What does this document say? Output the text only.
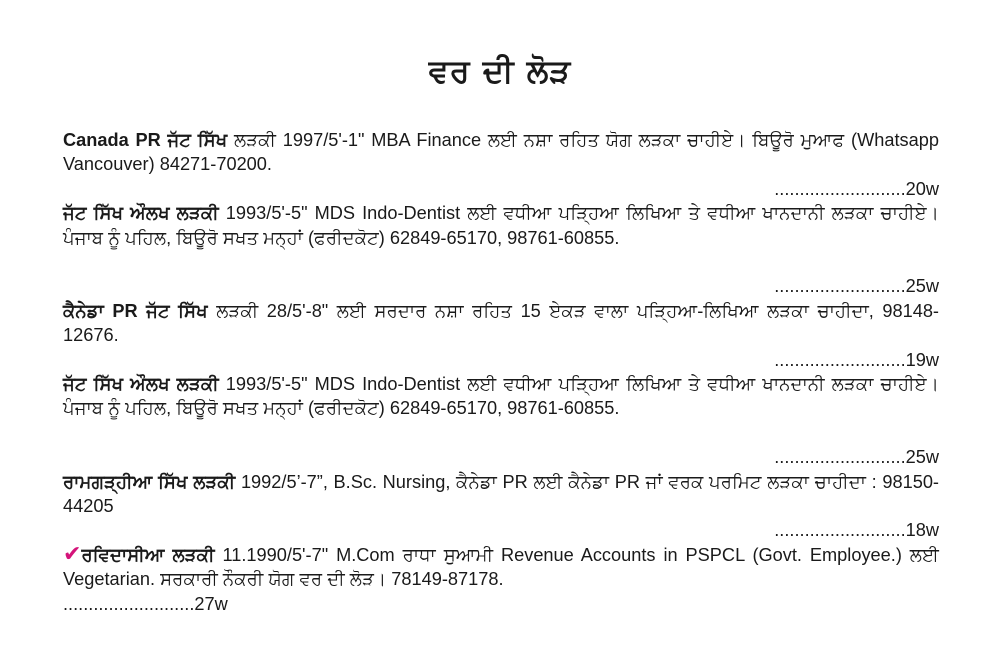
ਵਰ ਦੀ ਲੋੜ
Canada PR ਜੱਟ ਸਿੱਖ ਲੜਕੀ 1997/5'-1" MBA Finance ਲਈ ਨਸ਼ਾ ਰਹਿਤ ਯੋਗ ਲੜਕਾ ਚਾਹੀਏ। ਬਿਊਰੋ ਮੁਆਫ (Whatsapp Vancouver) 84271-70200.
..........................20w
ਜੱਟ ਸਿੱਖ ਔਲਖ ਲੜਕੀ 1993/5'-5" MDS Indo-Dentist ਲਈ ਵਧੀਆ ਪੜ੍ਹਿਆ ਲਿਖਿਆ ਤੇ ਵਧੀਆ ਖਾਨਦਾਨੀ ਲੜਕਾ ਚਾਹੀਏ। ਪੰਜਾਬ ਨੂੰ ਪਹਿਲ, ਬਿਊਰੋ ਸਖਤ ਮਨ੍ਹਾਂ (ਫਰੀਦਕੋਟ) 62849-65170, 98761-60855.
..........................25w
ਕੈਨੇਡਾ PR ਜੱਟ ਸਿੱਖ ਲੜਕੀ 28/5'-8" ਲਈ ਸਰਦਾਰ ਨਸ਼ਾ ਰਹਿਤ 15 ਏਕੜ ਵਾਲਾ ਪੜ੍ਹਿਆ-ਲਿਖਿਆ ਲੜਕਾ ਚਾਹੀਦਾ, 98148-12676.
..........................19w
ਜੱਟ ਸਿੱਖ ਔਲਖ ਲੜਕੀ 1993/5'-5" MDS Indo-Dentist ਲਈ ਵਧੀਆ ਪੜ੍ਹਿਆ ਲਿਖਿਆ ਤੇ ਵਧੀਆ ਖਾਨਦਾਨੀ ਲੜਕਾ ਚਾਹੀਏ। ਪੰਜਾਬ ਨੂੰ ਪਹਿਲ, ਬਿਊਰੋ ਸਖਤ ਮਨ੍ਹਾਂ (ਫਰੀਦਕੋਟ) 62849-65170, 98761-60855.
..........................25w
ਰਾਮਗੜ੍ਹੀਆ ਸਿੱਖ ਲੜਕੀ 1992/5’-7”, B.Sc. Nursing, ਕੈਨੇਡਾ PR ਲਈ ਕੈਨੇਡਾ PR ਜਾਂ ਵਰਕ ਪਰਮਿਟ ਲੜਕਾ ਚਾਹੀਦਾ : 98150-44205
..........................18w
✔ਰਵਿਦਾਸੀਆ ਲੜਕੀ 11.1990/5'-7" M.Com ਰਾਧਾ ਸੁਆਮੀ Revenue Accounts in PSPCL (Govt. Employee.) ਲਈ Vegetarian. ਸਰਕਾਰੀ ਨੌਕਰੀ ਯੋਗ ਵਰ ਦੀ ਲੋੜ। 78149-87178.
..........................27w
